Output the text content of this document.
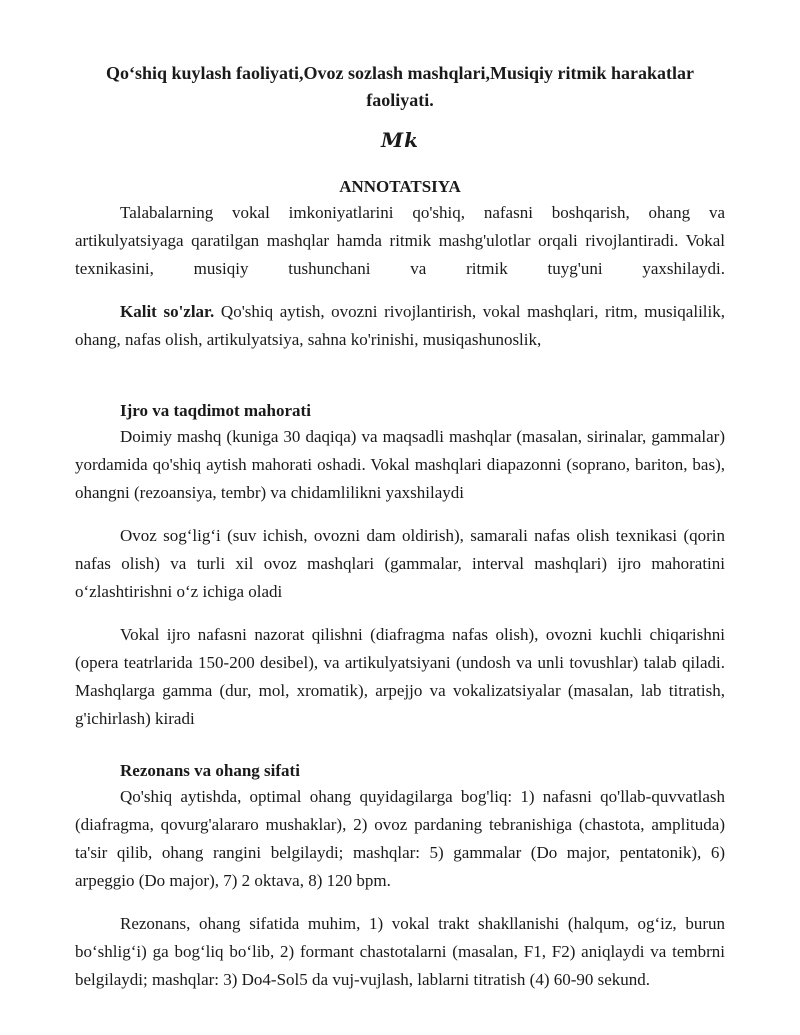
Qo‘shiq kuylash faoliyati,Ovoz sozlash mashqlari,Musiqiy ritmik harakatlar faoliyati.
Mk
ANNOTATSIYA

Talabalarning vokal imkoniyatlarini qo'shiq, nafasni boshqarish, ohang va artikulyatsiyaga qaratilgan mashqlar hamda ritmik mashg'ulotlar orqali rivojlantiradi. Vokal texnikasini, musiqiy tushunchani va ritmik tuyg'uni yaxshilaydi.

Kalit so'zlar. Qo'shiq aytish, ovozni rivojlantirish, vokal mashqlari, ritm, musiqalilik, ohang, nafas olish, artikulyatsiya, sahna ko'rinishi, musiqashunoslik,

Ijro va taqdimot mahorati

Doimiy mashq (kuniga 30 daqiqa) va maqsadli mashqlar (masalan, sirinalar, gammalar) yordamida qo'shiq aytish mahorati oshadi. Vokal mashqlari diapazonni (soprano, bariton, bas), ohangni (rezoansiya, tembr) va chidamlilikni yaxshilaydi

Ovoz sog‘lig‘i (suv ichish, ovozni dam oldirish), samarali nafas olish texnikasi (qorin nafas olish) va turli xil ovoz mashqlari (gammalar, interval mashqlari) ijro mahoratini o‘zlashtirishni o‘z ichiga oladi

Vokal ijro nafasni nazorat qilishni (diafragma nafas olish), ovozni kuchli chiqarishni (opera teatrlarida 150-200 desibel), va artikulyatsiyani (undosh va unli tovushlar) talab qiladi. Mashqlarga gamma (dur, mol, xromatik), arpejjo va vokalizatsiyalar (masalan, lab titratish, g'ichirlash) kiradi

Rezonans va ohang sifati

Qo'shiq aytishda, optimal ohang quyidagilarga bog'liq: 1) nafasni qo'llab-quvvatlash (diafragma, qovurg'alararo mushaklar), 2) ovoz pardaning tebranishiga (chastota, amplituda) ta'sir qilib, ohang rangini belgilaydi; mashqlar: 5) gammalar (Do major, pentatonik), 6) arpeggio (Do major), 7) 2 oktava, 8) 120 bpm.

Rezonans, ohang sifatida muhim, 1) vokal trakt shakllanishi (halqum, og‘iz, burun bo‘shlig‘i) ga bog‘liq bo‘lib, 2) formant chastotalarni (masalan, F1, F2) aniqlaydi va tembrni belgilaydi; mashqlar: 3) Do4-Sol5 da vuj-vujlash, lablarni titratish (4) 60-90 sekund.
